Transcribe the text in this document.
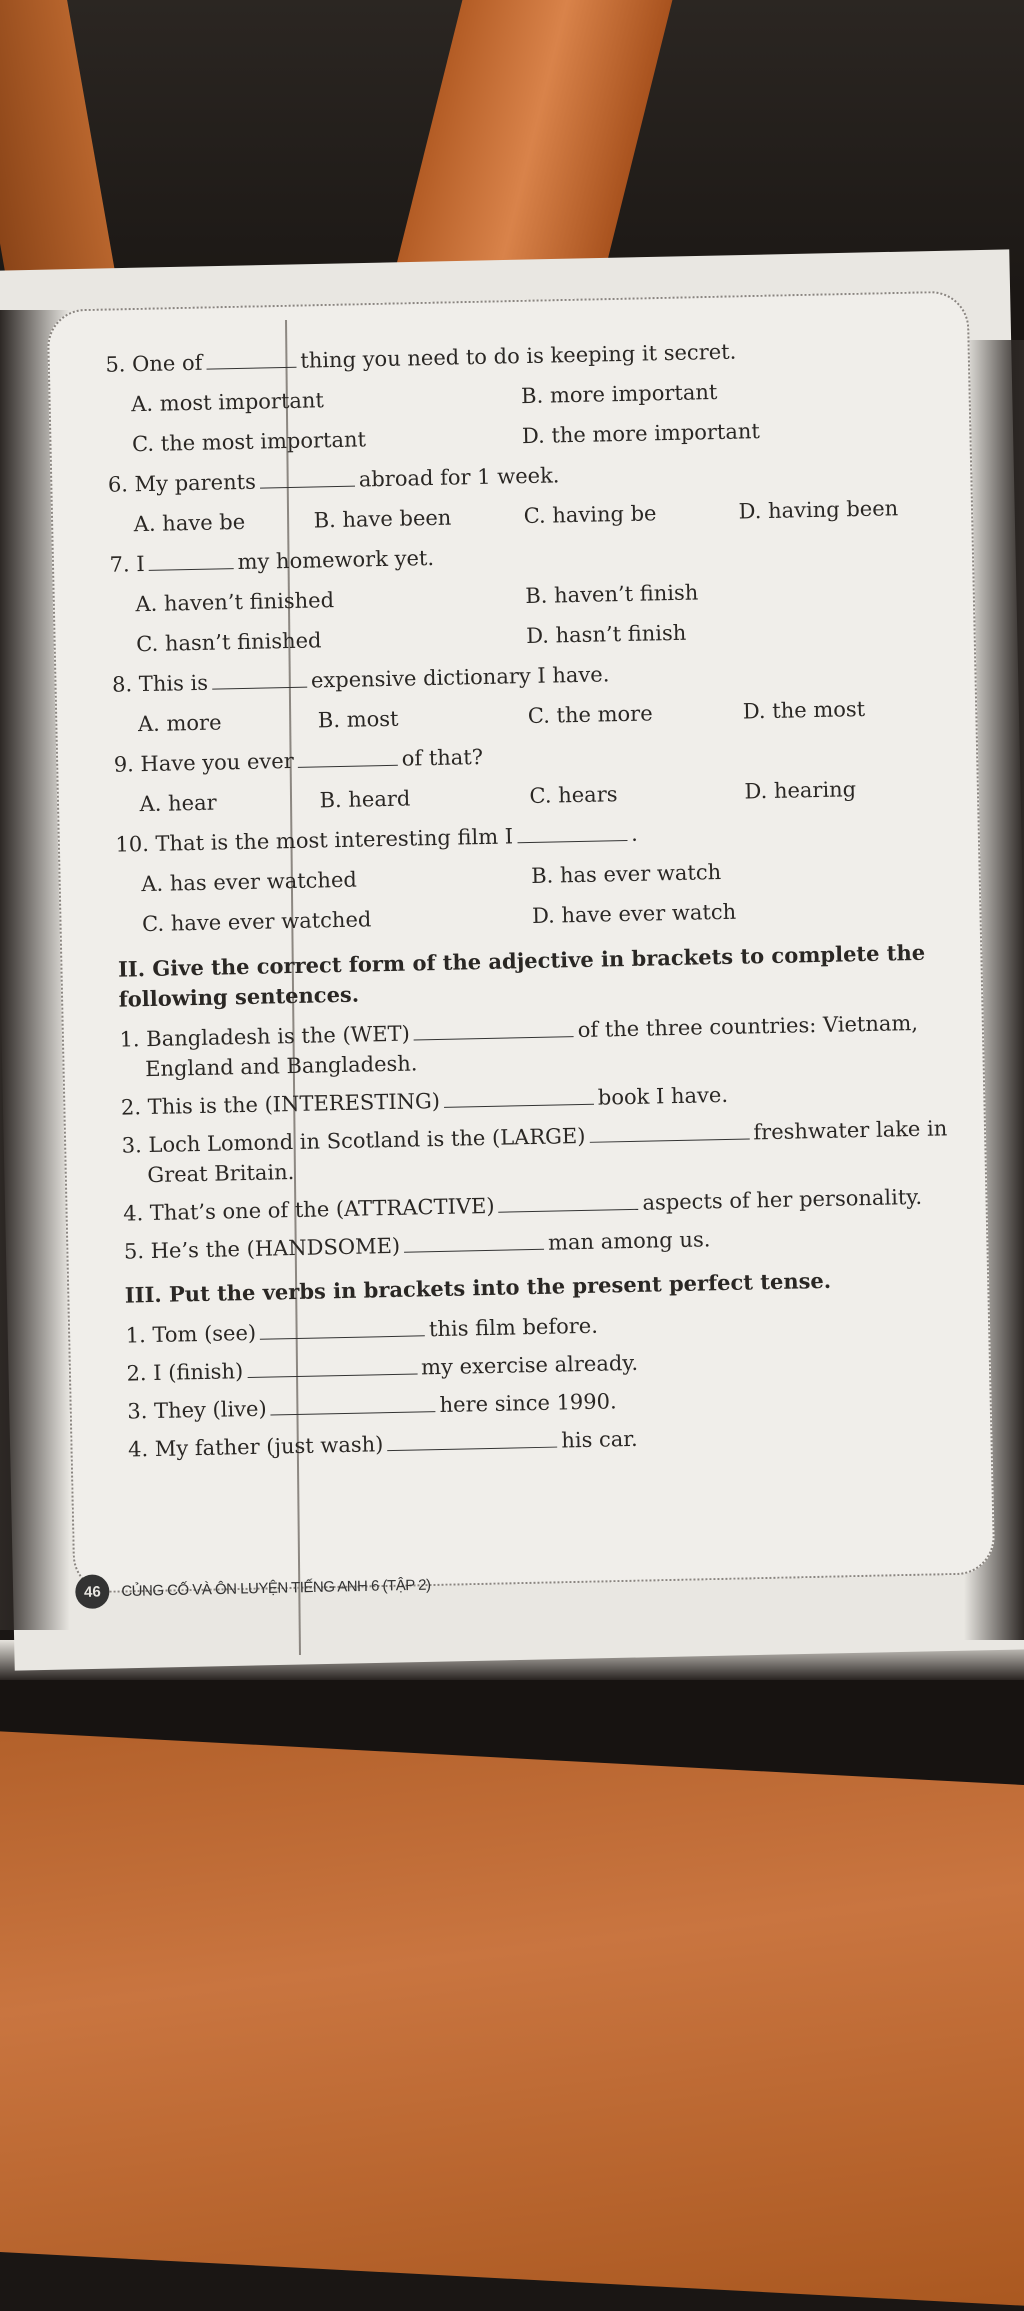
5. One of	thing you need to do is keeping it secret.
A. most important	B. more important
C. the most important	D. the more important
6. My parents	abroad for 1 week.
A. have be	B. have been	C. having be	D. having been
7. I	my homework yet.
A. haven’t finished	B. haven’t finish
C. hasn’t finished	D. hasn’t finish
8. This is	expensive dictionary I have.
A. more	B. most	C. the more	D. the most
9. Have you ever	of that?
A. hear	B. heard	C. hears	D. hearing
10. That is the most interesting film I	.
A. has ever watched	B. has ever watch
C. have ever watched	D. have ever watch
II. Give the correct form of the adjective in brackets to complete the following sentences.
1. Bangladesh is the (WET)	of the three countries: Vietnam, England and Bangladesh.
2. This is the (INTERESTING)	book I have.
3. Loch Lomond in Scotland is the (LARGE)	freshwater lake in Great Britain.
4. That’s one of the (ATTRACTIVE)	aspects of her personality.
5. He’s the (HANDSOME)	man among us.
III. Put the verbs in brackets into the present perfect tense.
1. Tom (see)	this film before.
2. I (finish)	my exercise already.
3. They (live)	here since 1990.
4. My father (just wash)	his car.
46	CỦNG CỐ VÀ ÔN LUYỆN TIẾNG ANH 6 (TẬP 2)
